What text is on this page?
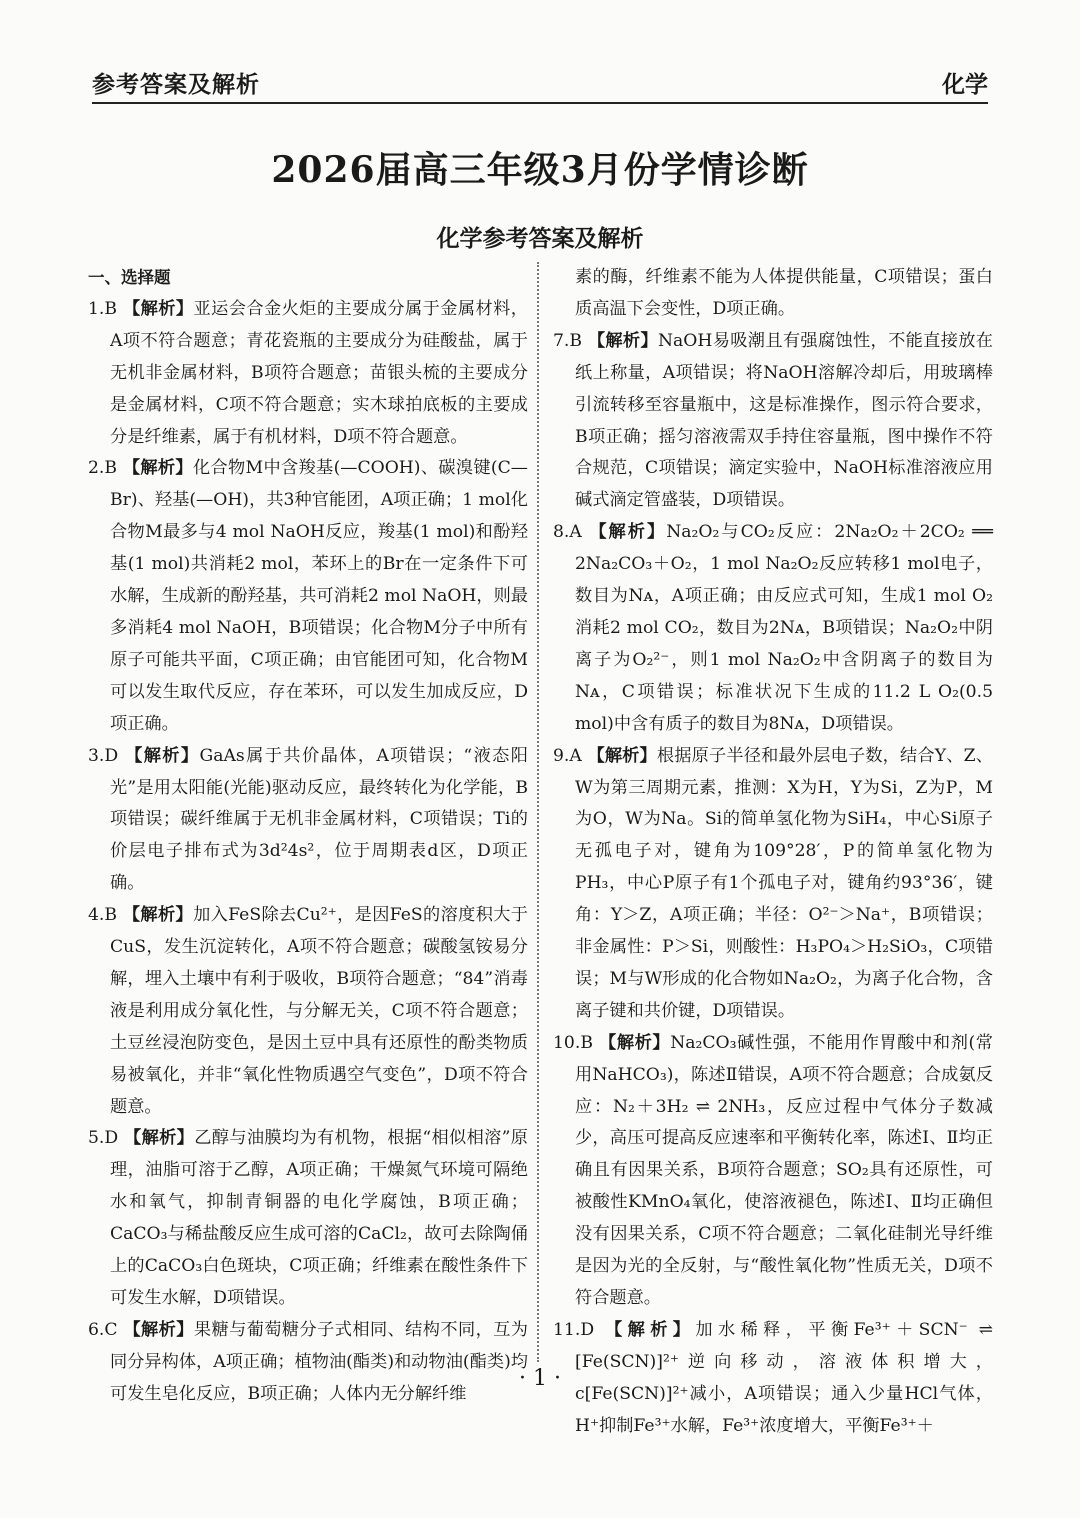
参考答案及解析	化学
2026届高三年级3月份学情诊断
化学参考答案及解析
一、选择题
1.B 【解析】亚运会合金火炬的主要成分属于金属材料，A项不符合题意；青花瓷瓶的主要成分为硅酸盐，属于无机非金属材料，B项符合题意；苗银头梳的主要成分是金属材料，C项不符合题意；实木球拍底板的主要成分是纤维素，属于有机材料，D项不符合题意。
2.B 【解析】化合物M中含羧基(—COOH)、碳溴键(C—Br)、羟基(—OH)，共3种官能团，A项正确；1 mol化合物M最多与4 mol NaOH反应，羧基(1 mol)和酚羟基(1 mol)共消耗2 mol，苯环上的Br在一定条件下可水解，生成新的酚羟基，共可消耗2 mol NaOH，则最多消耗4 mol NaOH，B项错误；化合物M分子中所有原子可能共平面，C项正确；由官能团可知，化合物M可以发生取代反应，存在苯环，可以发生加成反应，D项正确。
3.D 【解析】GaAs属于共价晶体，A项错误；“液态阳光”是用太阳能(光能)驱动反应，最终转化为化学能，B项错误；碳纤维属于无机非金属材料，C项错误；Ti的价层电子排布式为3d²4s²，位于周期表d区，D项正确。
4.B 【解析】加入FeS除去Cu²⁺，是因FeS的溶度积大于CuS，发生沉淀转化，A项不符合题意；碳酸氢铵易分解，埋入土壤中有利于吸收，B项符合题意；“84”消毒液是利用成分氧化性，与分解无关，C项不符合题意；土豆丝浸泡防变色，是因土豆中具有还原性的酚类物质易被氧化，并非“氧化性物质遇空气变色”，D项不符合题意。
5.D 【解析】乙醇与油膜均为有机物，根据“相似相溶”原理，油脂可溶于乙醇，A项正确；干燥氮气环境可隔绝水和氧气，抑制青铜器的电化学腐蚀，B项正确；CaCO₃与稀盐酸反应生成可溶的CaCl₂，故可去除陶俑上的CaCO₃白色斑块，C项正确；纤维素在酸性条件下可发生水解，D项错误。
6.C 【解析】果糖与葡萄糖分子式相同、结构不同，互为同分异构体，A项正确；植物油(酯类)和动物油(酯类)均可发生皂化反应，B项正确；人体内无分解纤维
素的酶，纤维素不能为人体提供能量，C项错误；蛋白质高温下会变性，D项正确。
7.B 【解析】NaOH易吸潮且有强腐蚀性，不能直接放在纸上称量，A项错误；将NaOH溶解冷却后，用玻璃棒引流转移至容量瓶中，这是标准操作，图示符合要求，B项正确；摇匀溶液需双手持住容量瓶，图中操作不符合规范，C项错误；滴定实验中，NaOH标准溶液应用碱式滴定管盛装，D项错误。
8.A 【解析】Na₂O₂与CO₂反应：2Na₂O₂＋2CO₂ ══ 2Na₂CO₃＋O₂，1 mol Na₂O₂反应转移1 mol电子，数目为Nᴀ，A项正确；由反应式可知，生成1 mol O₂消耗2 mol CO₂，数目为2Nᴀ，B项错误；Na₂O₂中阴离子为O₂²⁻，则1 mol Na₂O₂中含阴离子的数目为Nᴀ，C项错误；标准状况下生成的11.2 L O₂(0.5 mol)中含有质子的数目为8Nᴀ，D项错误。
9.A 【解析】根据原子半径和最外层电子数，结合Y、Z、W为第三周期元素，推测：X为H，Y为Si，Z为P，M为O，W为Na。Si的简单氢化物为SiH₄，中心Si原子无孤电子对，键角为109°28′，P的简单氢化物为PH₃，中心P原子有1个孤电子对，键角约93°36′，键角：Y＞Z，A项正确；半径：O²⁻＞Na⁺，B项错误；非金属性：P＞Si，则酸性：H₃PO₄＞H₂SiO₃，C项错误；M与W形成的化合物如Na₂O₂，为离子化合物，含离子键和共价键，D项错误。
10.B 【解析】Na₂CO₃碱性强，不能用作胃酸中和剂(常用NaHCO₃)，陈述Ⅱ错误，A项不符合题意；合成氨反应：N₂＋3H₂ ⇌ 2NH₃，反应过程中气体分子数减少，高压可提高反应速率和平衡转化率，陈述Ⅰ、Ⅱ均正确且有因果关系，B项符合题意；SO₂具有还原性，可被酸性KMnO₄氧化，使溶液褪色，陈述Ⅰ、Ⅱ均正确但没有因果关系，C项不符合题意；二氧化硅制光导纤维是因为光的全反射，与“酸性氧化物”性质无关，D项不符合题意。
11.D 【解析】加水稀释，平衡Fe³⁺＋SCN⁻ ⇌ [Fe(SCN)]²⁺逆向移动，溶液体积增大，c[Fe(SCN)]²⁺减小，A项错误；通入少量HCl气体，H⁺抑制Fe³⁺水解，Fe³⁺浓度增大，平衡Fe³⁺＋
· 1 ·
